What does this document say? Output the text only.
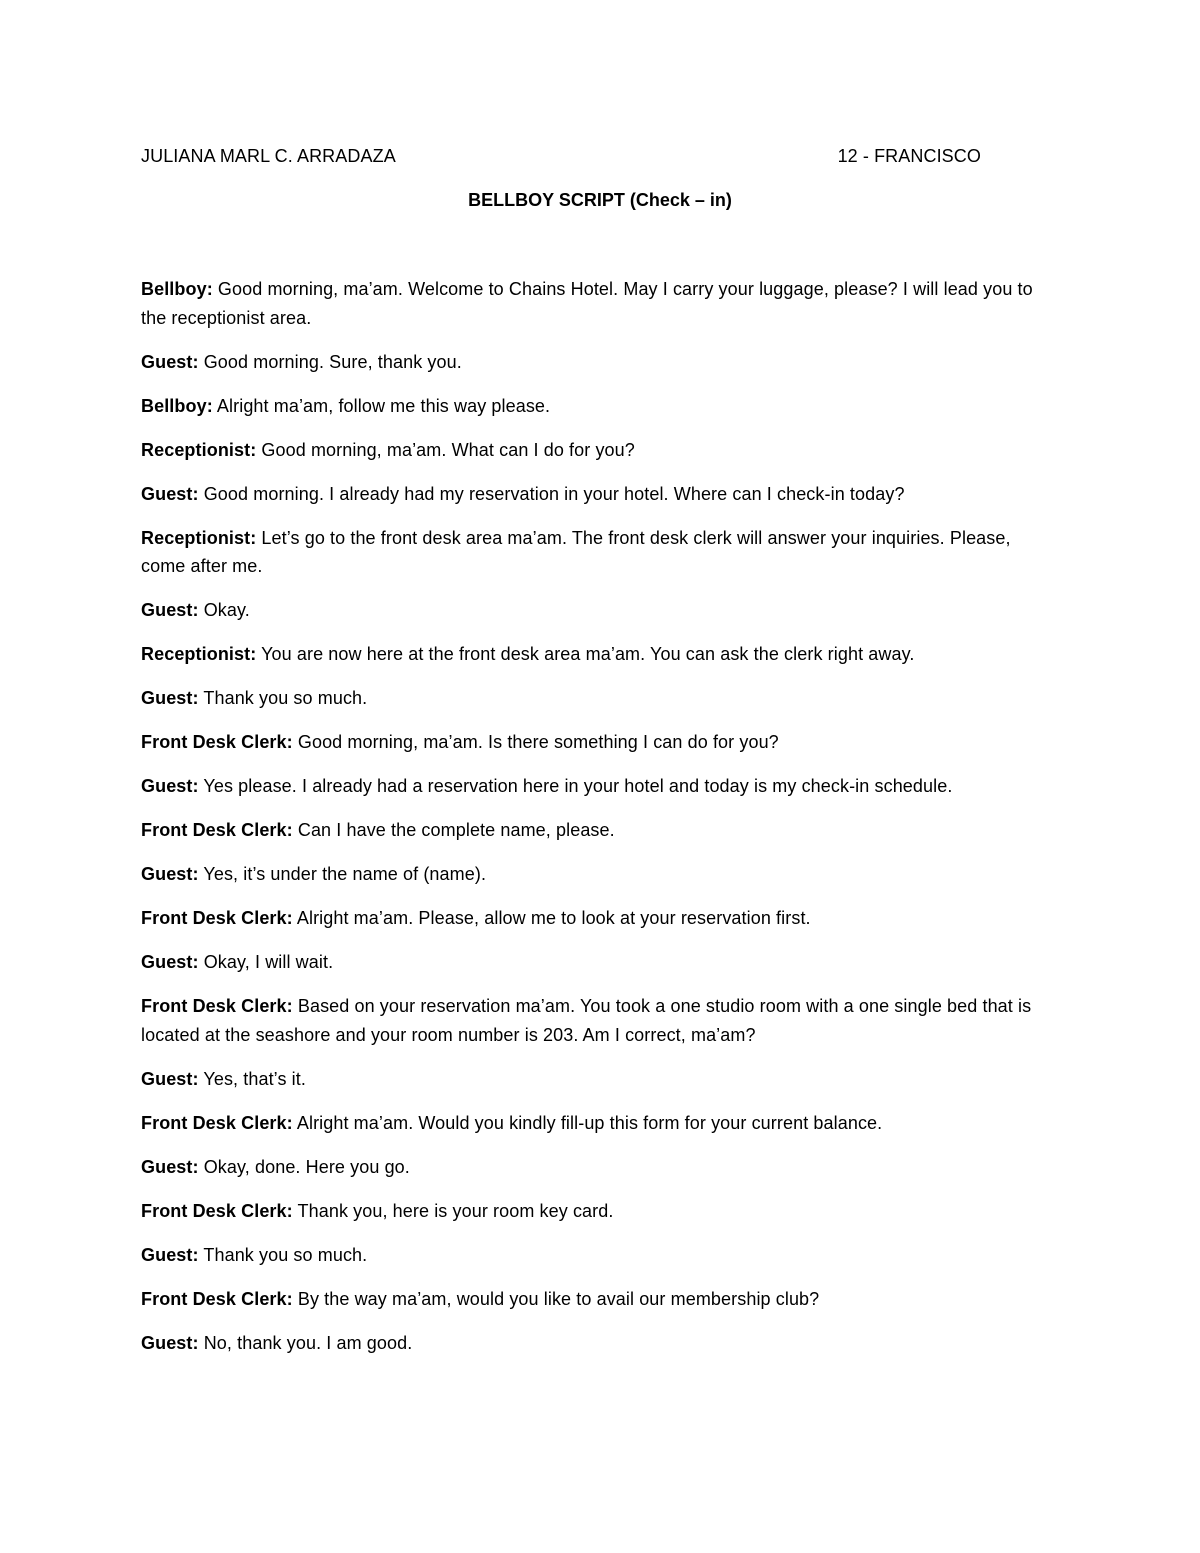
JULIANA MARL C. ARRADAZA	12 - FRANCISCO
BELLBOY SCRIPT (Check – in)

Bellboy: Good morning, ma’am. Welcome to Chains Hotel. May I carry your luggage, please? I will lead you to the receptionist area.

Guest: Good morning. Sure, thank you.

Bellboy: Alright ma’am, follow me this way please.

Receptionist: Good morning, ma’am. What can I do for you?

Guest: Good morning. I already had my reservation in your hotel. Where can I check-in today?

Receptionist: Let’s go to the front desk area ma’am. The front desk clerk will answer your inquiries. Please, come after me.

Guest: Okay.

Receptionist: You are now here at the front desk area ma’am. You can ask the clerk right away.

Guest: Thank you so much.

Front Desk Clerk: Good morning, ma’am. Is there something I can do for you?

Guest: Yes please. I already had a reservation here in your hotel and today is my check-in schedule.

Front Desk Clerk: Can I have the complete name, please.

Guest: Yes, it’s under the name of (name).

Front Desk Clerk: Alright ma’am. Please, allow me to look at your reservation first.

Guest: Okay, I will wait.

Front Desk Clerk: Based on your reservation ma’am. You took a one studio room with a one single bed that is located at the seashore and your room number is 203. Am I correct, ma’am?

Guest: Yes, that’s it.

Front Desk Clerk: Alright ma’am. Would you kindly fill-up this form for your current balance.

Guest: Okay, done. Here you go.

Front Desk Clerk: Thank you, here is your room key card.

Guest: Thank you so much.

Front Desk Clerk: By the way ma’am, would you like to avail our membership club?

Guest: No, thank you. I am good.
